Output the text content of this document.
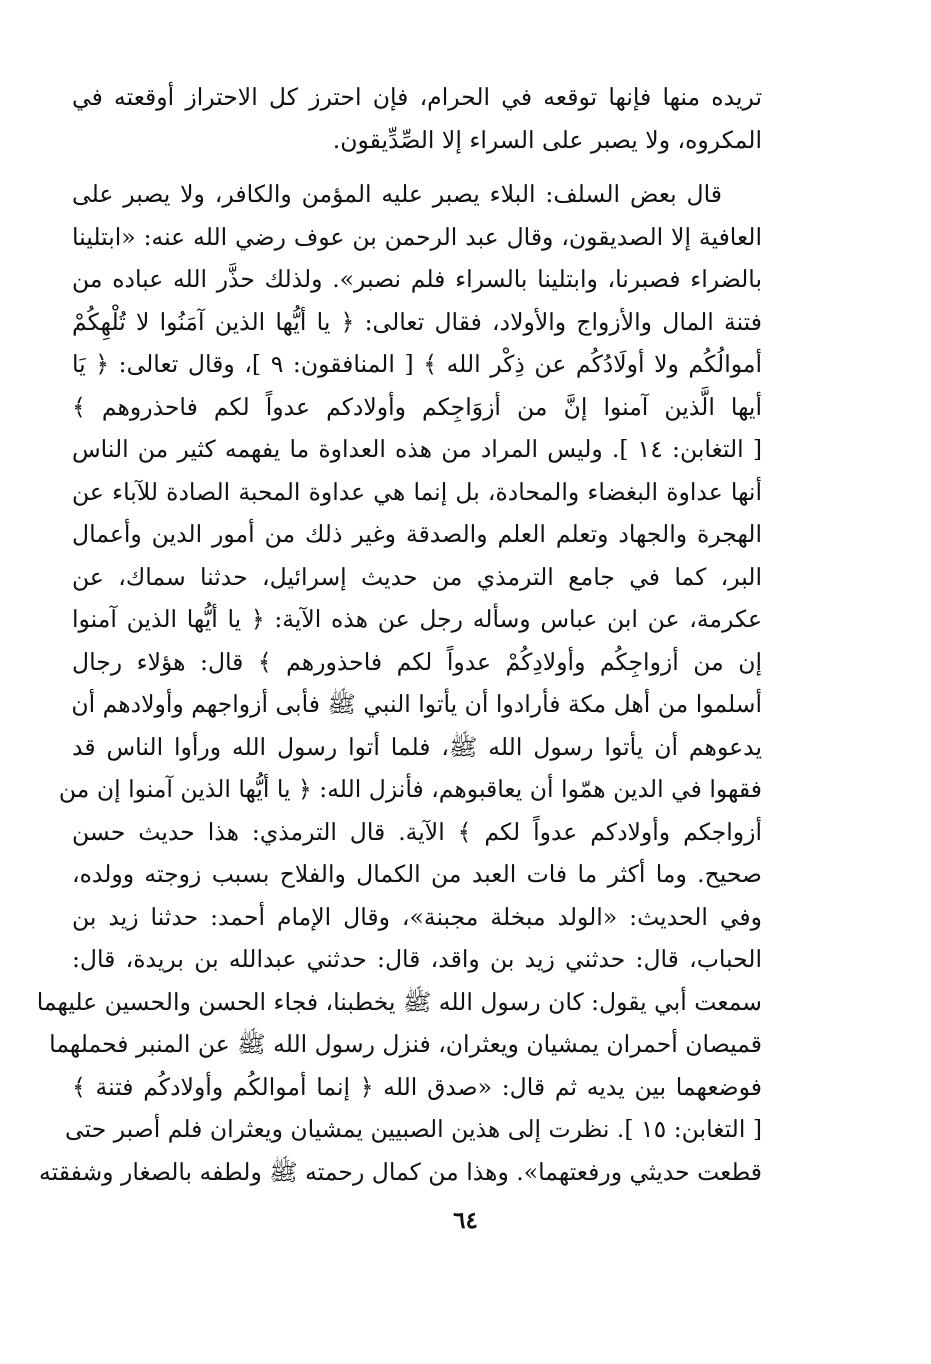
تريده منها فإنها توقعه في الحرام، فإن احترز كل الاحتراز أوقعته في
المكروه، ولا يصبر على السراء إلا الصِّدِّيقون.
قال بعض السلف: البلاء يصبر عليه المؤمن والكافر، ولا يصبر على
العافية إلا الصديقون، وقال عبد الرحمن بن عوف رضي الله عنه: «ابتلينا
بالضراء فصبرنا، وابتلينا بالسراء فلم نصبر». ولذلك حذَّر الله عباده من
فتنة المال والأزواج والأولاد، فقال تعالى: ﴿ يا أيُّها الذين آمَنُوا لا تُلْهِكُمْ
أموالُكُم ولا أولَادُكُم عن ذِكْر الله ﴾ [ المنافقون: ٩ ]، وقال تعالى: ﴿ يَا
أيها الَّذين آمنوا إنَّ من أزوَاجِكم وأولادكم عدواً لكم فاحذروهم ﴾
[ التغابن: ١٤ ]. وليس المراد من هذه العداوة ما يفهمه كثير من الناس
أنها عداوة البغضاء والمحادة، بل إنما هي عداوة المحبة الصادة للآباء عن
الهجرة والجهاد وتعلم العلم والصدقة وغير ذلك من أمور الدين وأعمال
البر، كما في جامع الترمذي من حديث إسرائيل، حدثنا سماك، عن
عكرمة، عن ابن عباس وسأله رجل عن هذه الآية: ﴿ يا أيُّها الذين آمنوا
إن من أزواجِكُم وأولادِكُمْ عدواً لكم فاحذورهم ﴾ قال: هؤلاء رجال
أسلموا من أهل مكة فأرادوا أن يأتوا النبي ﷺ فأبى أزواجهم وأولادهم أن
يدعوهم أن يأتوا رسول الله ﷺ، فلما أتوا رسول الله ورأوا الناس قد
فقهوا في الدين همّوا أن يعاقبوهم، فأنزل الله: ﴿ يا أيُّها الذين آمنوا إن من
أزواجكم وأولادكم عدواً لكم ﴾ الآية. قال الترمذي: هذا حديث حسن
صحيح. وما أكثر ما فات العبد من الكمال والفلاح بسبب زوجته وولده،
وفي الحديث: «الولد مبخلة مجبنة»، وقال الإمام أحمد: حدثنا زيد بن
الحباب، قال: حدثني زيد بن واقد، قال: حدثني عبدالله بن بريدة، قال:
سمعت أبي يقول: كان رسول الله ﷺ يخطبنا، فجاء الحسن والحسين عليهما
قميصان أحمران يمشيان ويعثران، فنزل رسول الله ﷺ عن المنبر فحملهما
فوضعهما بين يديه ثم قال: «صدق الله ﴿ إنما أموالكُم وأولادكُم فتنة ﴾
[ التغابن: ١٥ ]. نظرت إلى هذين الصبيين يمشيان ويعثران فلم أصبر حتى
قطعت حديثي ورفعتهما». وهذا من كمال رحمته ﷺ ولطفه بالصغار وشفقته
٦٤
